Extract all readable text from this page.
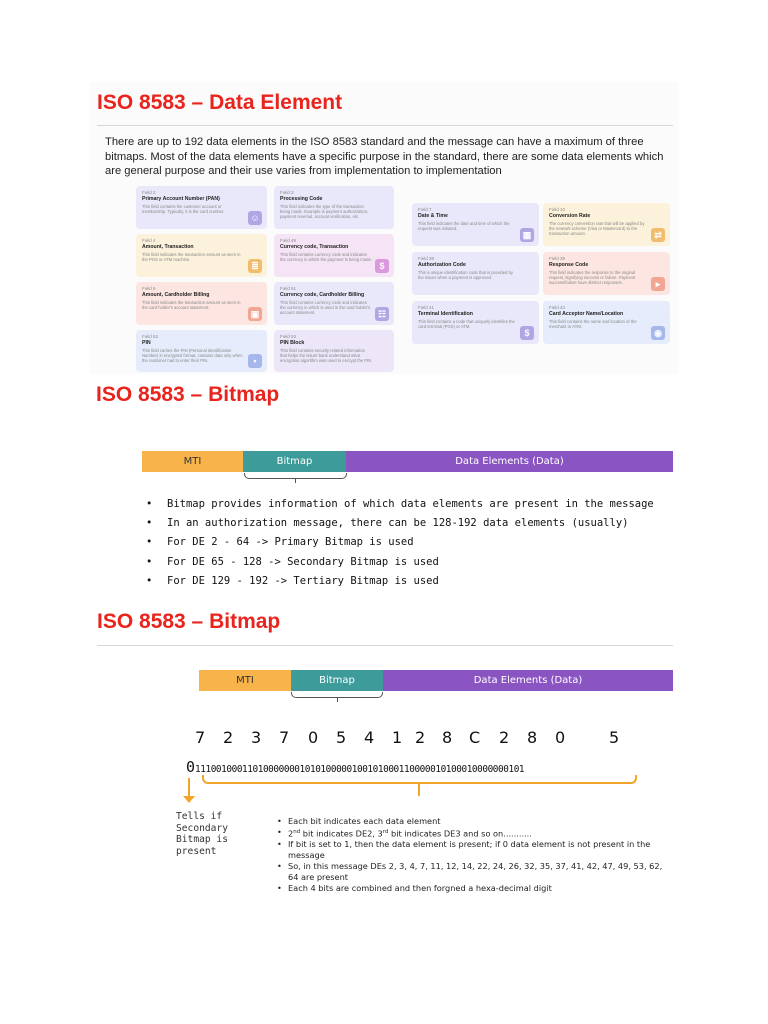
ISO 8583 – Data Element
There are up to 192 data elements in the ISO 8583 standard and the message can have a maximum of three bitmaps. Most of the data elements have a specific purpose in the standard, there are some data elements which are general purpose and their use varies from implementation to implementation
Field 2
Primary Account Number (PAN)
This field contains the customer account or membership. Typically, it is the card number.
☺
Field 3
Processing Code
This field indicates the type of the transaction being made. Example is payment authorization, payment reversal, account verification, etc.
Field 4
Amount, Transaction
This field indicates the transaction amount as seen in the POS or ATM machine.
≣
Field 49
Currency code, Transaction
This field contains currency code and indicates the currency in which the payment is being made.
$
Field 6
Amount, Cardholder Billing
This field indicates the transaction amount as seen in the card holder's account statement.
▣
Field 51
Currency code, Cardholder Billing
This field contains currency code and indicates the currency in which is used in the card holder's account statement.	☷
Field 52
PIN
This field carries the PIN (Personal Identification Number) in encrypted format, contains data only when the customer had to enter their PIN.	•
Field 53
PIN Block
This field contains security related information that helps the issuer bank understand what encryption algorithm was used to encrypt the PIN.
Field 7
Date & Time
This field indicates the date and time of which the request was initiated.
▦
Field 10
Conversion Rate
The currency conversion rate that will be applied by the network scheme (Visa or Mastercard) to the transaction amount.	⇄
Field 38
Authorization Code
This a unique identification code that is provided by the issuer when a payment is approved.
Field 39
Response Code
This field indicates the response to the original request, signifying success or failure. Payment success/failure have distinct responses.	▸
Field 41
Terminal Identification
This field contains a code that uniquely identifies the card terminal (POS) or ATM.
$
Field 43
Card Acceptor Name/Location
This field contains the name and location of the merchant or ATM.
◉
ISO 8583 – Bitmap
MTI	Bitmap	Data Elements (Data)
• Bitmap provides information of which data elements are present in the message
• In an authorization message, there can be 128-192 data elements (usually)
• For DE 2 - 64 -> Primary Bitmap is used
• For DE 65 - 128 -> Secondary Bitmap is used
• For DE 129 - 192 -> Tertiary Bitmap is used
ISO 8583 – Bitmap
MTI	Bitmap	Data Elements (Data)
7 2 3 7 0 5 4 1 2 8 C 2 8 0	5
0111001000110100000001010100000100101000110000010100010000000101
Tells if Secondary Bitmap is present
• Each bit indicates each data element
• 2nd bit indicates DE2, 3rd bit indicates DE3 and so on...........
• If bit is set to 1, then the data element is present; if 0 data element is not present in the message
• So, in this message DEs 2, 3, 4, 7, 11, 12, 14, 22, 24, 26, 32, 35, 37, 41, 42, 47, 49, 53, 62, 64 are present
• Each 4 bits are combined and then forgned a hexa-decimal digit
